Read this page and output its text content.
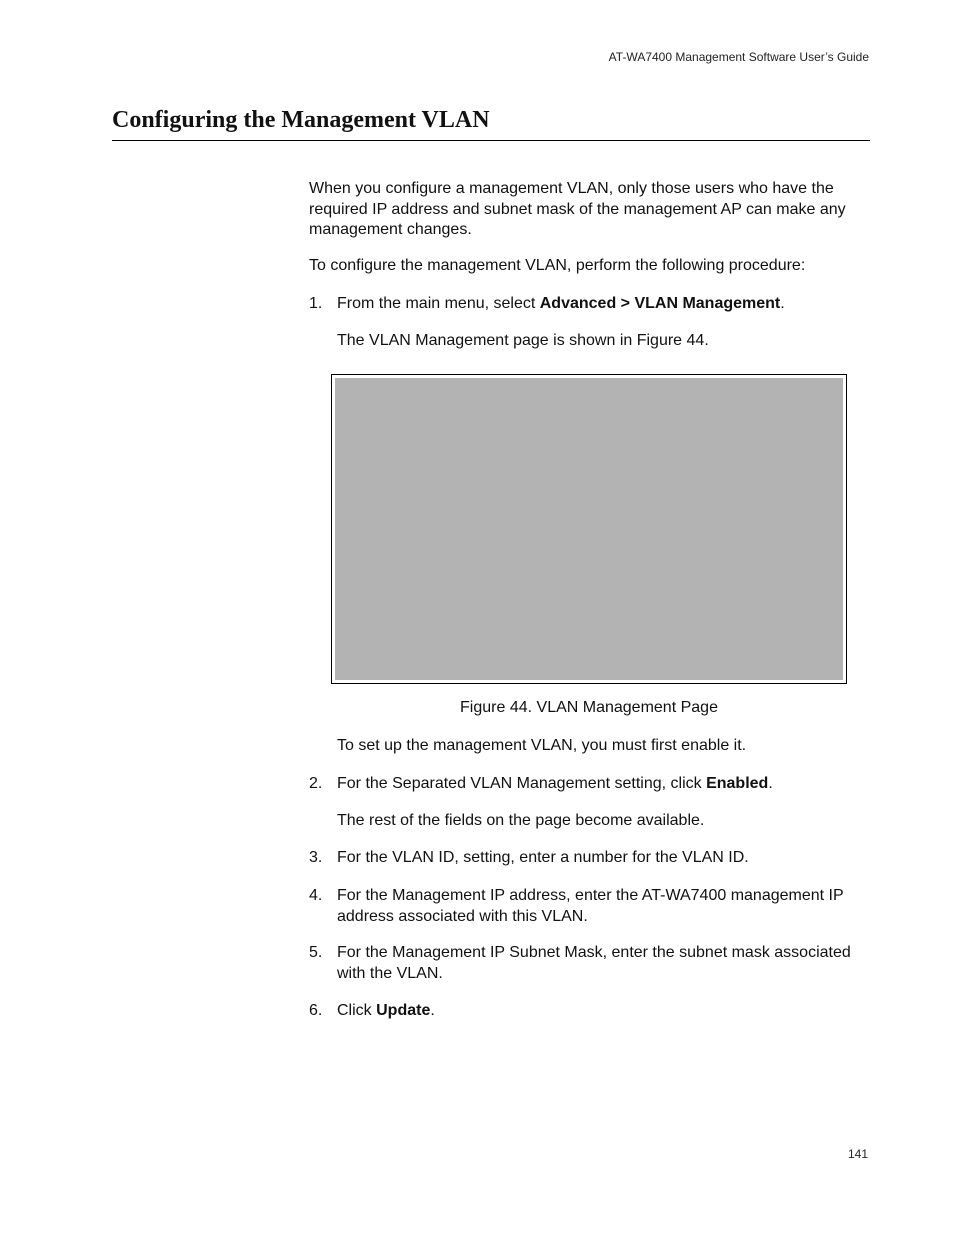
AT-WA7400 Management Software User’s Guide
Configuring the Management VLAN

When you configure a management VLAN, only those users who have the required IP address and subnet mask of the management AP can make any management changes.

To configure the management VLAN, perform the following procedure:

1. From the main menu, select Advanced > VLAN Management.

The VLAN Management page is shown in Figure 44.

Figure 44. VLAN Management Page

To set up the management VLAN, you must first enable it.

2. For the Separated VLAN Management setting, click Enabled.

The rest of the fields on the page become available.

3. For the VLAN ID, setting, enter a number for the VLAN ID.
4. For the Management IP address, enter the AT-WA7400 management IP address associated with this VLAN.
5. For the Management IP Subnet Mask, enter the subnet mask associated with the VLAN.
6. Click Update.
141
